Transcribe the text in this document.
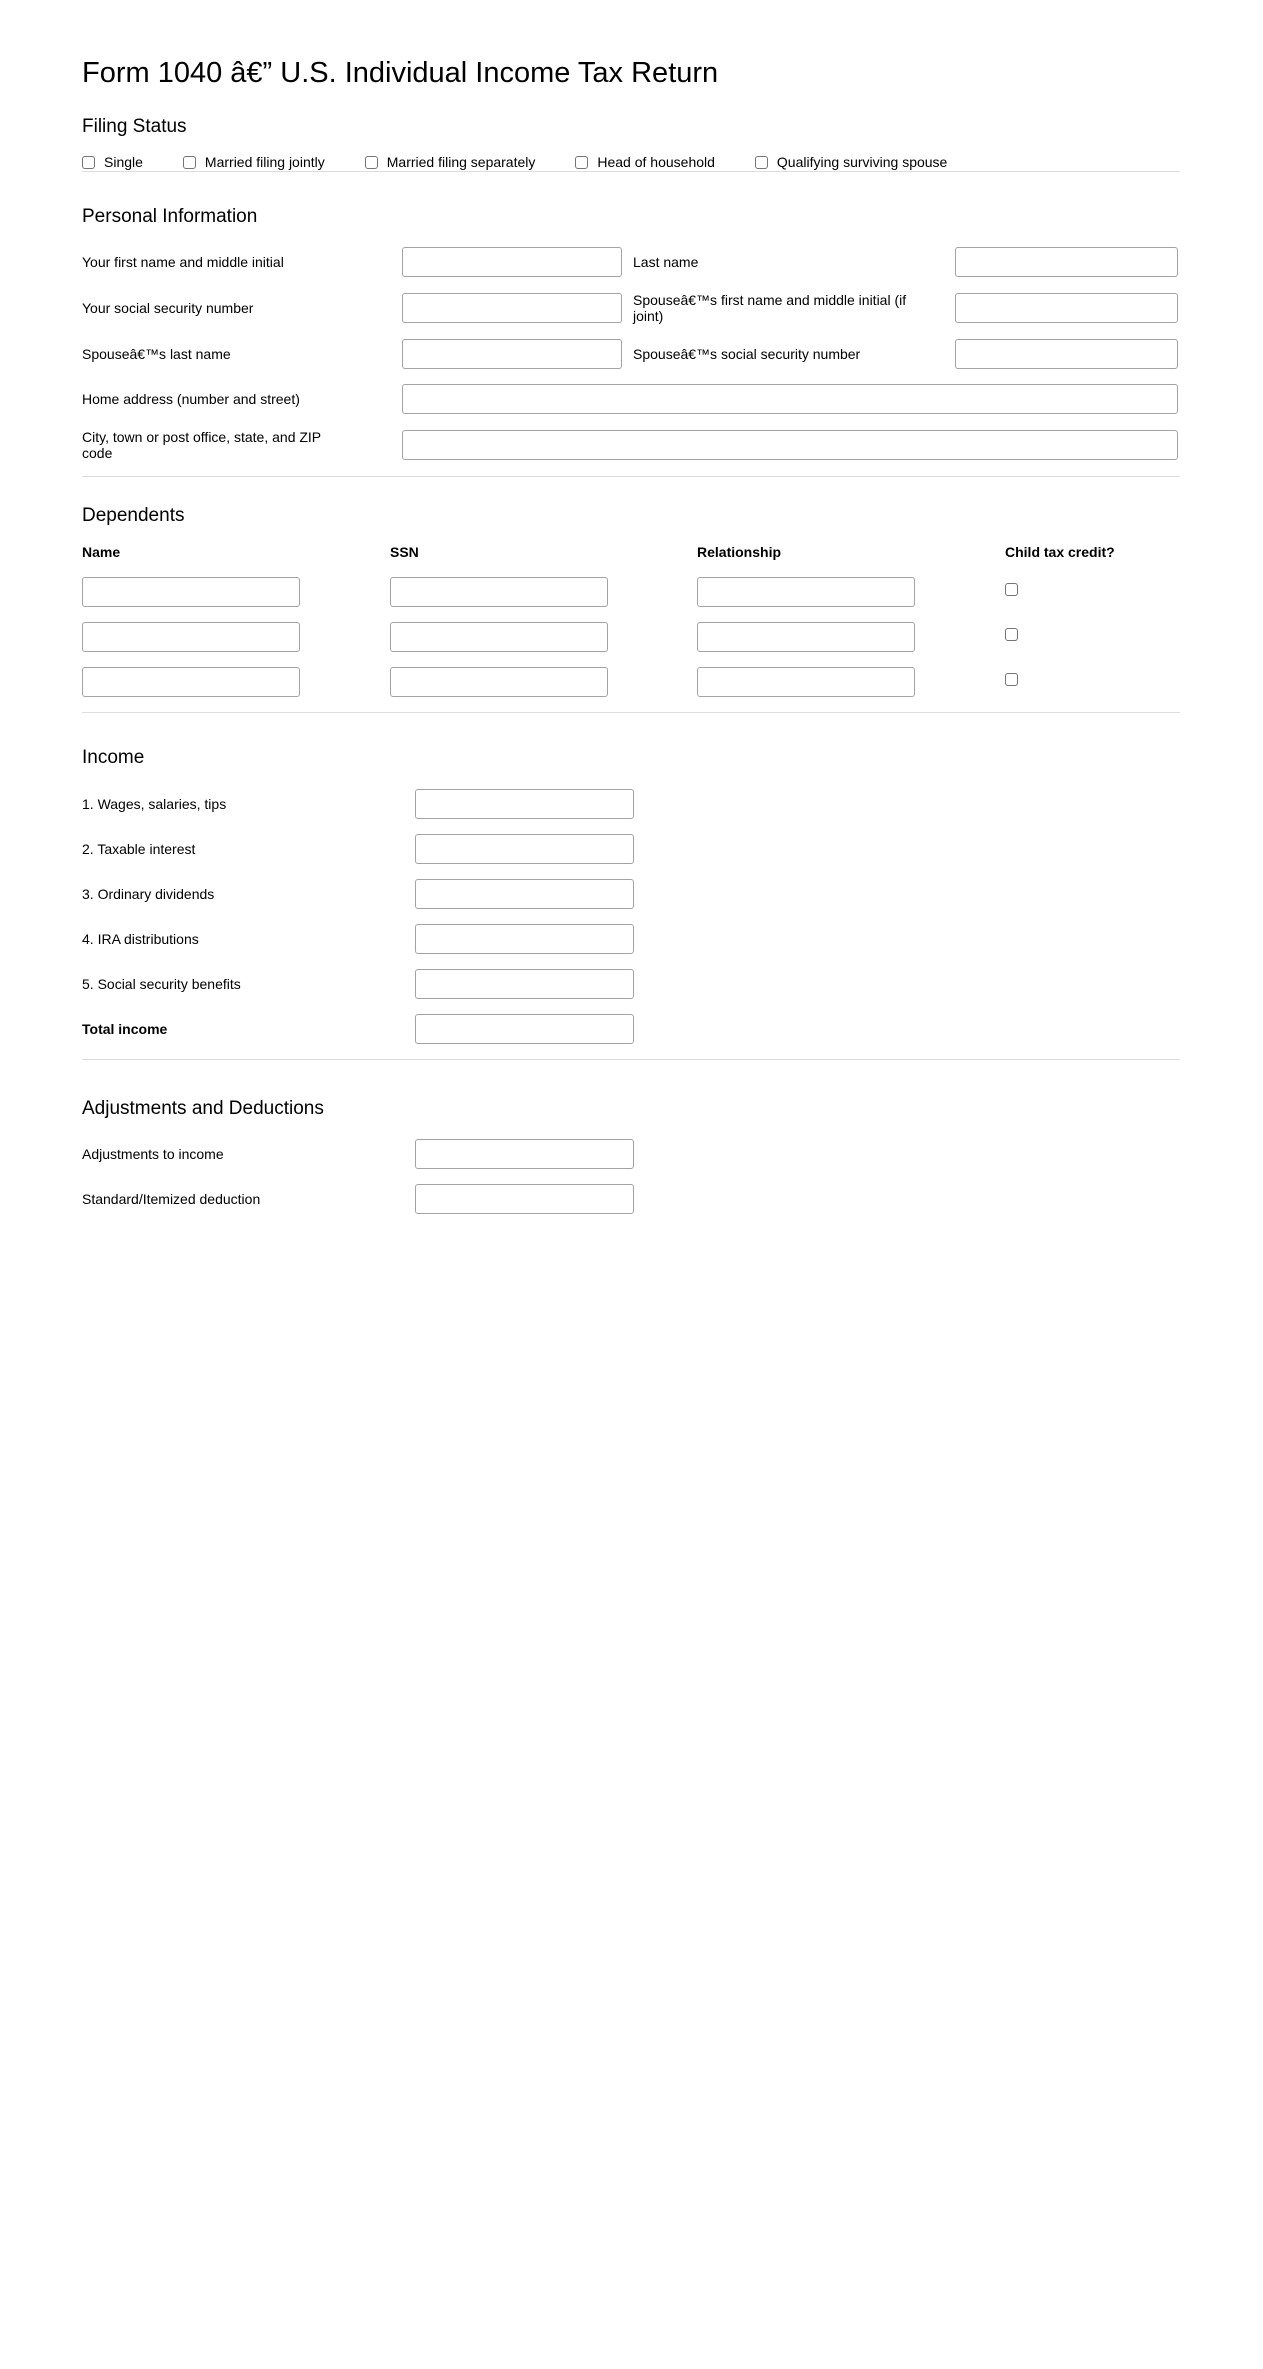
Form 1040 â€” U.S. Individual Income Tax Return
Filing Status
Single	Married filing jointly	Married filing separately	Head of household	Qualifying surviving spouse
Personal Information
Your first name and middle initial	Last name
Your social security number	Spouseâ€™s first name and middle initial (if joint)
Spouseâ€™s last name	Spouseâ€™s social security number
Home address (number and street)
City, town or post office, state, and ZIP code
Dependents
Name	SSN	Relationship	Child tax credit?
Income
1. Wages, salaries, tips
2. Taxable interest
3. Ordinary dividends
4. IRA distributions
5. Social security benefits
Total income
Adjustments and Deductions
Adjustments to income
Standard/Itemized deduction
